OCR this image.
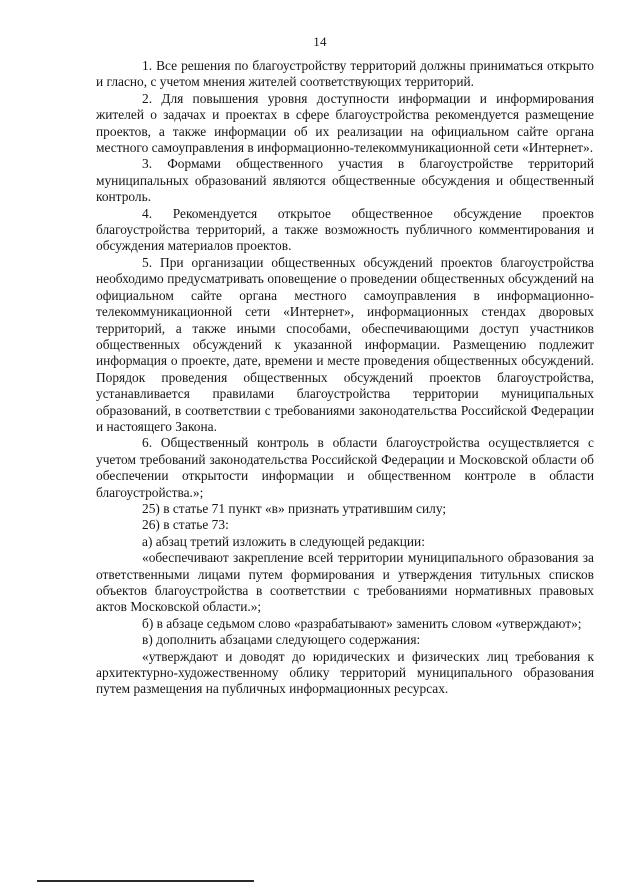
14

1. Все решения по благоустройству территорий должны приниматься открыто и гласно, с учетом мнения жителей соответствующих территорий.

2. Для повышения уровня доступности информации и информирования жителей о задачах и проектах в сфере благоустройства рекомендуется размещение проектов, а также информации об их реализации на официальном сайте органа местного самоуправления в информационно-телекоммуникационной сети «Интернет».

3. Формами общественного участия в благоустройстве территорий муниципальных образований являются общественные обсуждения и общественный контроль.

4. Рекомендуется открытое общественное обсуждение проектов благоустройства территорий, а также возможность публичного комментирования и обсуждения материалов проектов.

5. При организации общественных обсуждений проектов благоустройства необходимо предусматривать оповещение о проведении общественных обсуждений на официальном сайте органа местного самоуправления в информационно-телекоммуникационной сети «Интернет», информационных стендах дворовых территорий, а также иными способами, обеспечивающими доступ участников общественных обсуждений к указанной информации. Размещению подлежит информация о проекте, дате, времени и месте проведения общественных обсуждений. Порядок проведения общественных обсуждений проектов благоустройства, устанавливается правилами благоустройства территории муниципальных образований, в соответствии с требованиями законодательства Российской Федерации и настоящего Закона.

6. Общественный контроль в области благоустройства осуществляется с учетом требований законодательства Российской Федерации и Московской области об обеспечении открытости информации и общественном контроле в области благоустройства.»;

25) в статье 71 пункт «в» признать утратившим силу;

26) в статье 73:

а) абзац третий изложить в следующей редакции:

«обеспечивают закрепление всей территории муниципального образования за ответственными лицами путем формирования и утверждения титульных списков объектов благоустройства в соответствии с требованиями нормативных правовых актов Московской области.»;

б) в абзаце седьмом слово «разрабатывают» заменить словом «утверждают»;

в) дополнить абзацами следующего содержания:

«утверждают и доводят до юридических и физических лиц требования к архитектурно-художественному облику территорий муниципального образования путем размещения на публичных информационных ресурсах.
